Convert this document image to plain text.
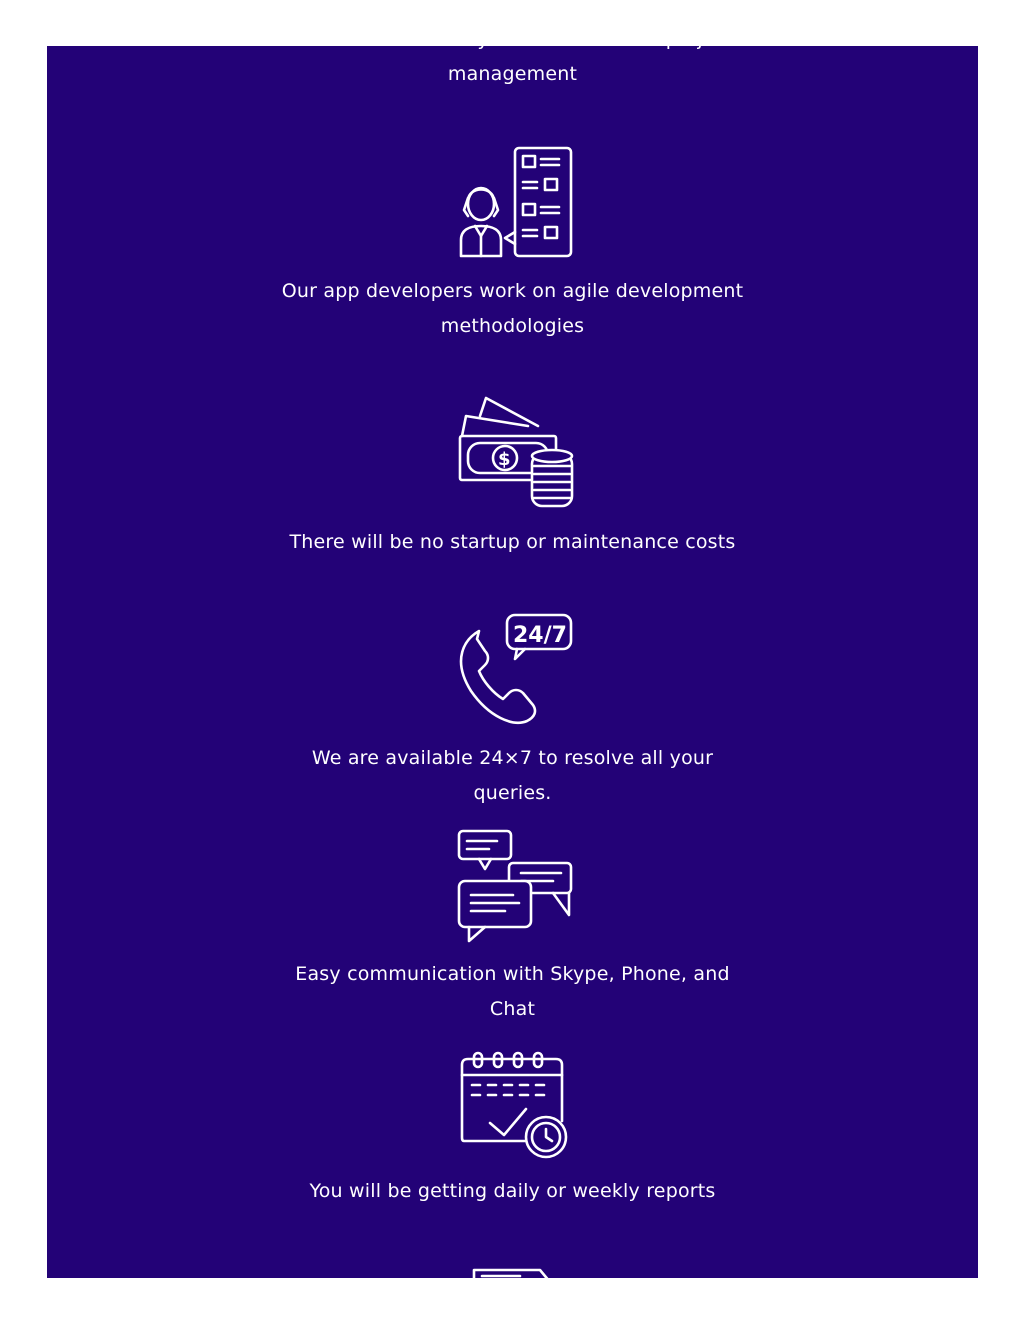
Get minutes activity with cloud based project management
Our app developers work on agile development methodologies
$
There will be no startup or maintenance costs
24/7
We are available 24×7 to resolve all your queries.
Easy communication with Skype, Phone, and Chat
You will be getting daily or weekly reports
